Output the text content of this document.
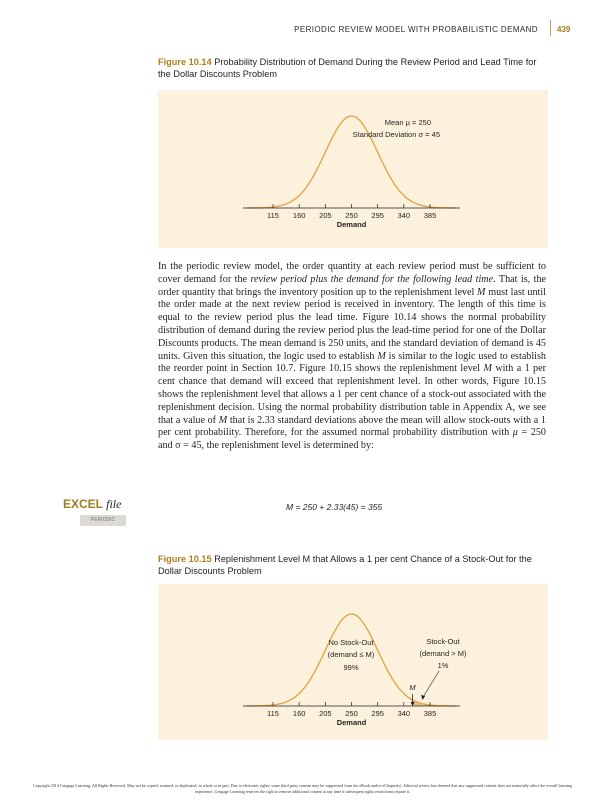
PERIODIC REVIEW MODEL WITH PROBABILISTIC DEMAND 439
Figure 10.14 Probability Distribution of Demand During the Review Period and Lead Time for the Dollar Discounts Problem
115 160 205 250 295 340 385
Demand
Mean μ = 250
Standard Deviation σ = 45
In the periodic review model, the order quantity at each review period must be sufficient to cover demand for the review period plus the demand for the following lead time. That is, the order quantity that brings the inventory position up to the replenishment level M must last until the order made at the next review period is received in inventory. The length of this time is equal to the review period plus the lead time. Figure 10.14 shows the normal probability distribution of demand during the review period plus the lead-time period for one of the Dollar Discounts products. The mean demand is 250 units, and the standard deviation of demand is 45 units. Given this situation, the logic used to establish M is similar to the logic used to establish the reorder point in Section 10.7. Figure 10.15 shows the replenishment level M with a 1 per cent chance that demand will exceed that replenishment level. In other words, Figure 10.15 shows the replenishment level that allows a 1 per cent chance of a stock-out associated with the replenishment decision. Using the normal probability distribution table in Appendix A, we see that a value of M that is 2.33 standard deviations above the mean will allow stock-outs with a 1 per cent probability. Therefore, for the assumed normal probability distribution with μ = 250 and σ = 45, the replenishment level is determined by:
M = 250 + 2.33(45) = 355
EXCEL file
PERIODIC
Figure 10.15 Replenishment Level M that Allows a 1 per cent Chance of a Stock-Out for the Dollar Discounts Problem
115 160 205 250 295 340 385
Demand
No Stock-Out
(demand ≤ M)
99%
Stock-Out
(demand > M)
1%
M
Copyright 2014 Cengage Learning. All Rights Reserved. May not be copied, scanned, or duplicated, in whole or in part. Due to electronic rights, some third party content may be suppressed from the eBook and/or eChapter(s). Editorial review has deemed that any suppressed content does not materially affect the overall learning experience. Cengage Learning reserves the right to remove additional content at any time if subsequent rights restrictions require it.
